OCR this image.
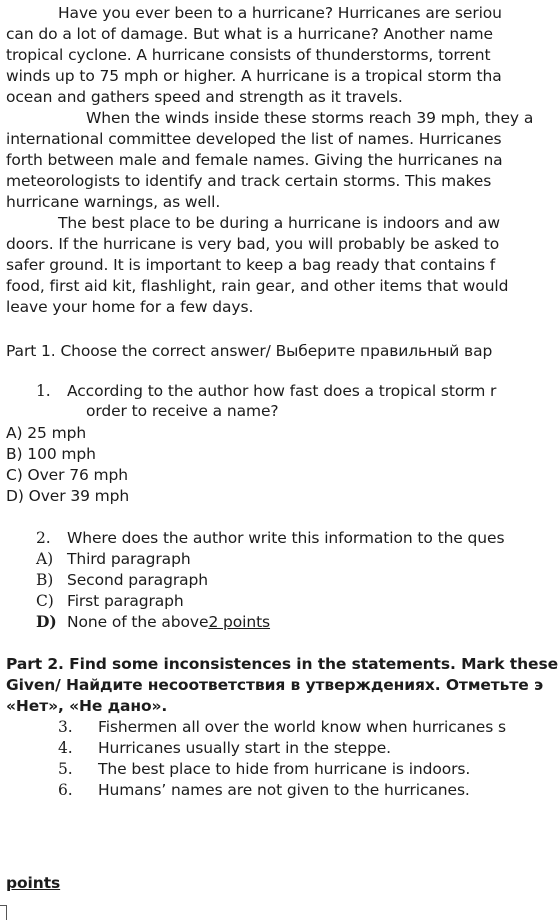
Have you ever been to a hurricane? Hurricanes are seriou
can do a lot of damage. But what is a hurricane? Another name
tropical cyclone. A hurricane consists of thunderstorms, torrent
winds up to 75 mph or higher. A hurricane is a tropical storm tha
ocean and gathers speed and strength as it travels.
When the winds inside these storms reach 39 mph, they a
international committee developed the list of names. Hurricanes
forth between male and female names. Giving the hurricanes na
meteorologists to identify and track certain storms. This makes
hurricane warnings, as well.
The best place to be during a hurricane is indoors and aw
doors. If the hurricane is very bad, you will probably be asked to
safer ground. It is important to keep a bag ready that contains f
food, first aid kit, flashlight, rain gear, and other items that would
leave your home for a few days.
Part 1. Choose the correct answer/ Выберите правильный вар
1. According to the author how fast does a tropical storm r
order to receive a name?
A) 25 mph
B) 100 mph
C) Over 76 mph
D) Over 39 mph
2. Where does the author write this information to the ques
A) Third paragraph
B) Second paragraph
C) First paragraph
D) None of the above2 points
Part 2. Find some inconsistences in the statements. Mark these
Given/ Найдите несоответствия в утверждениях. Отметьте э
«Нет», «Не дано».
3. Fishermen all over the world know when hurricanes s
4. Hurricanes usually start in the steppe.
5. The best place to hide from hurricane is indoors.
6. Humans’ names are not given to the hurricanes.
points
